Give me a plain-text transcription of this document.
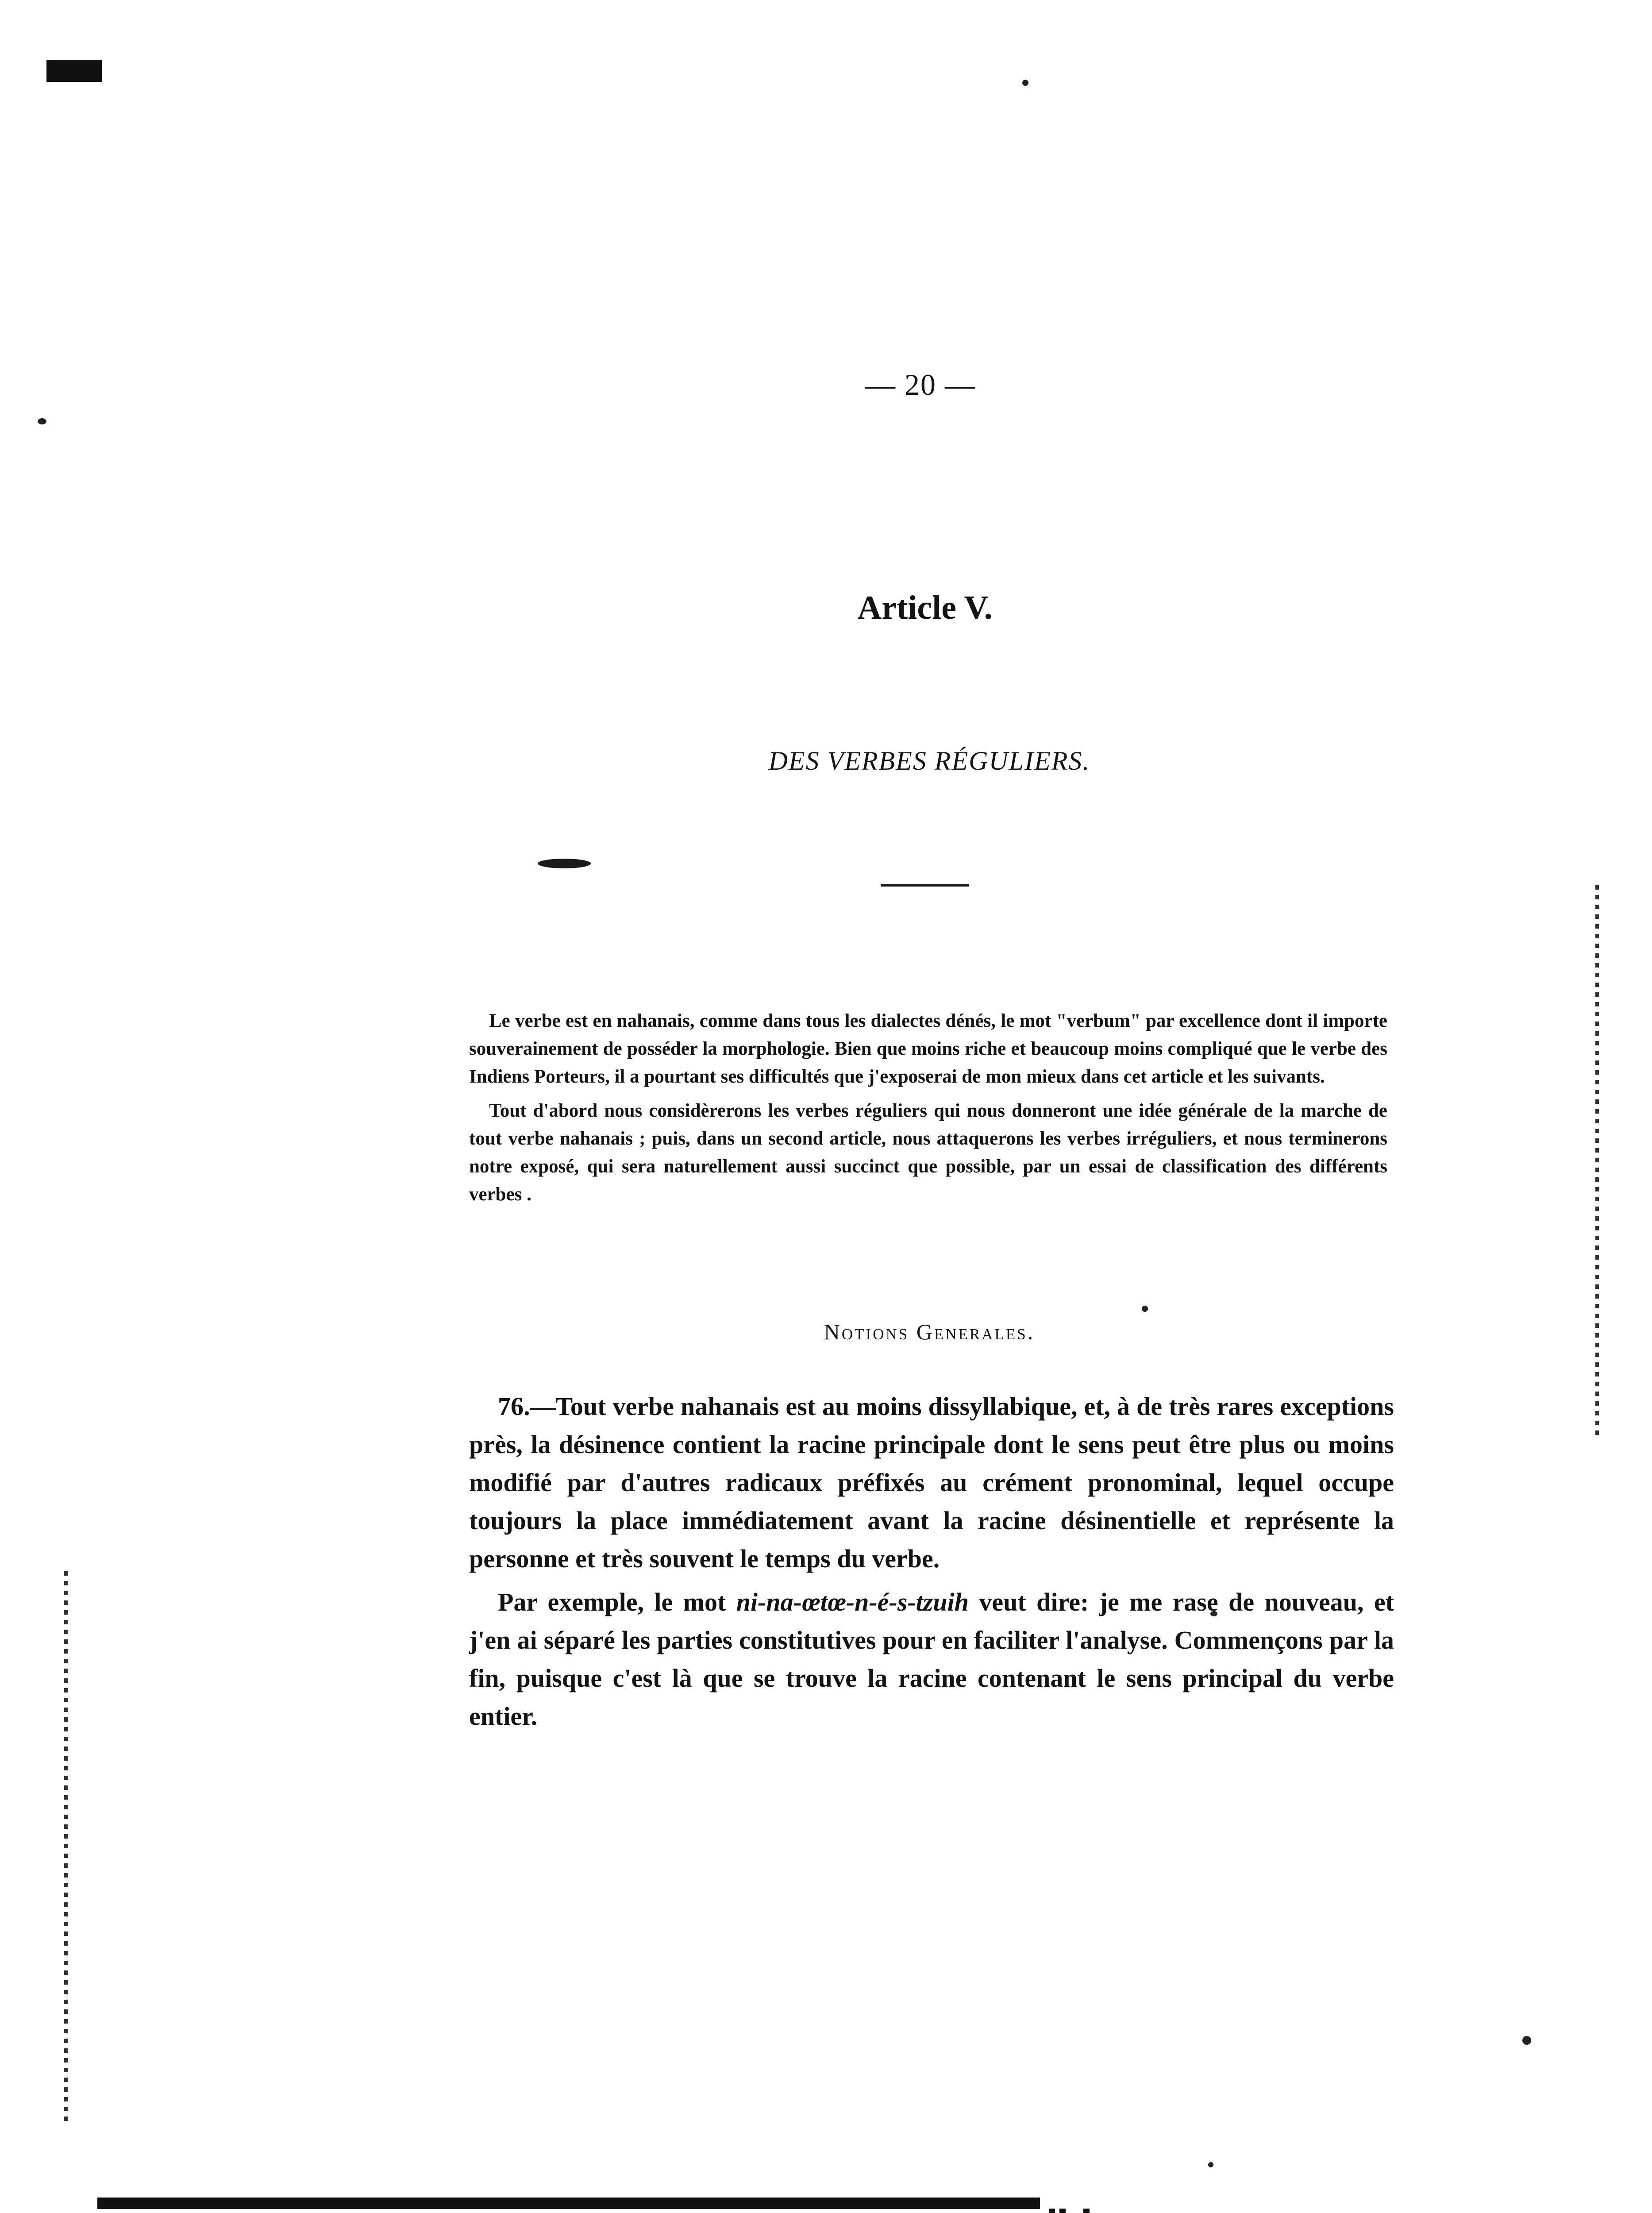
— 20 —
Article V.
DES VERBES RÉGULIERS.

Le verbe est en nahanais, comme dans tous les dialectes dénés, le mot "verbum" par excellence dont il importe souverainement de posséder la morphologie. Bien que moins riche et beaucoup moins compliqué que le verbe des Indiens Porteurs, il a pourtant ses difficultés que j'exposerai de mon mieux dans cet article et les suivants.

Tout d'abord nous considèrerons les verbes réguliers qui nous donneront une idée générale de la marche de tout verbe nahanais ; puis, dans un second article, nous attaquerons les verbes irréguliers, et nous terminerons notre exposé, qui sera naturellement aussi succinct que possible, par un essai de classification des différents verbes .

Notions Generales.

76.—Tout verbe nahanais est au moins dissyllabique, et, à de très rares exceptions près, la désinence contient la racine principale dont le sens peut être plus ou moins modifié par d'autres radicaux préfixés au crément pronominal, lequel occupe toujours la place immédiatement avant la racine désinentielle et représente la personne et très souvent le temps du verbe.

Par exemple, le mot ni-na-œtœ-n-é-s-tzuih veut dire: je me rase de nouveau, et j'en ai séparé les parties constitutives pour en faciliter l'analyse. Commençons par la fin, puisque c'est là que se trouve la racine contenant le sens principal du verbe entier.
